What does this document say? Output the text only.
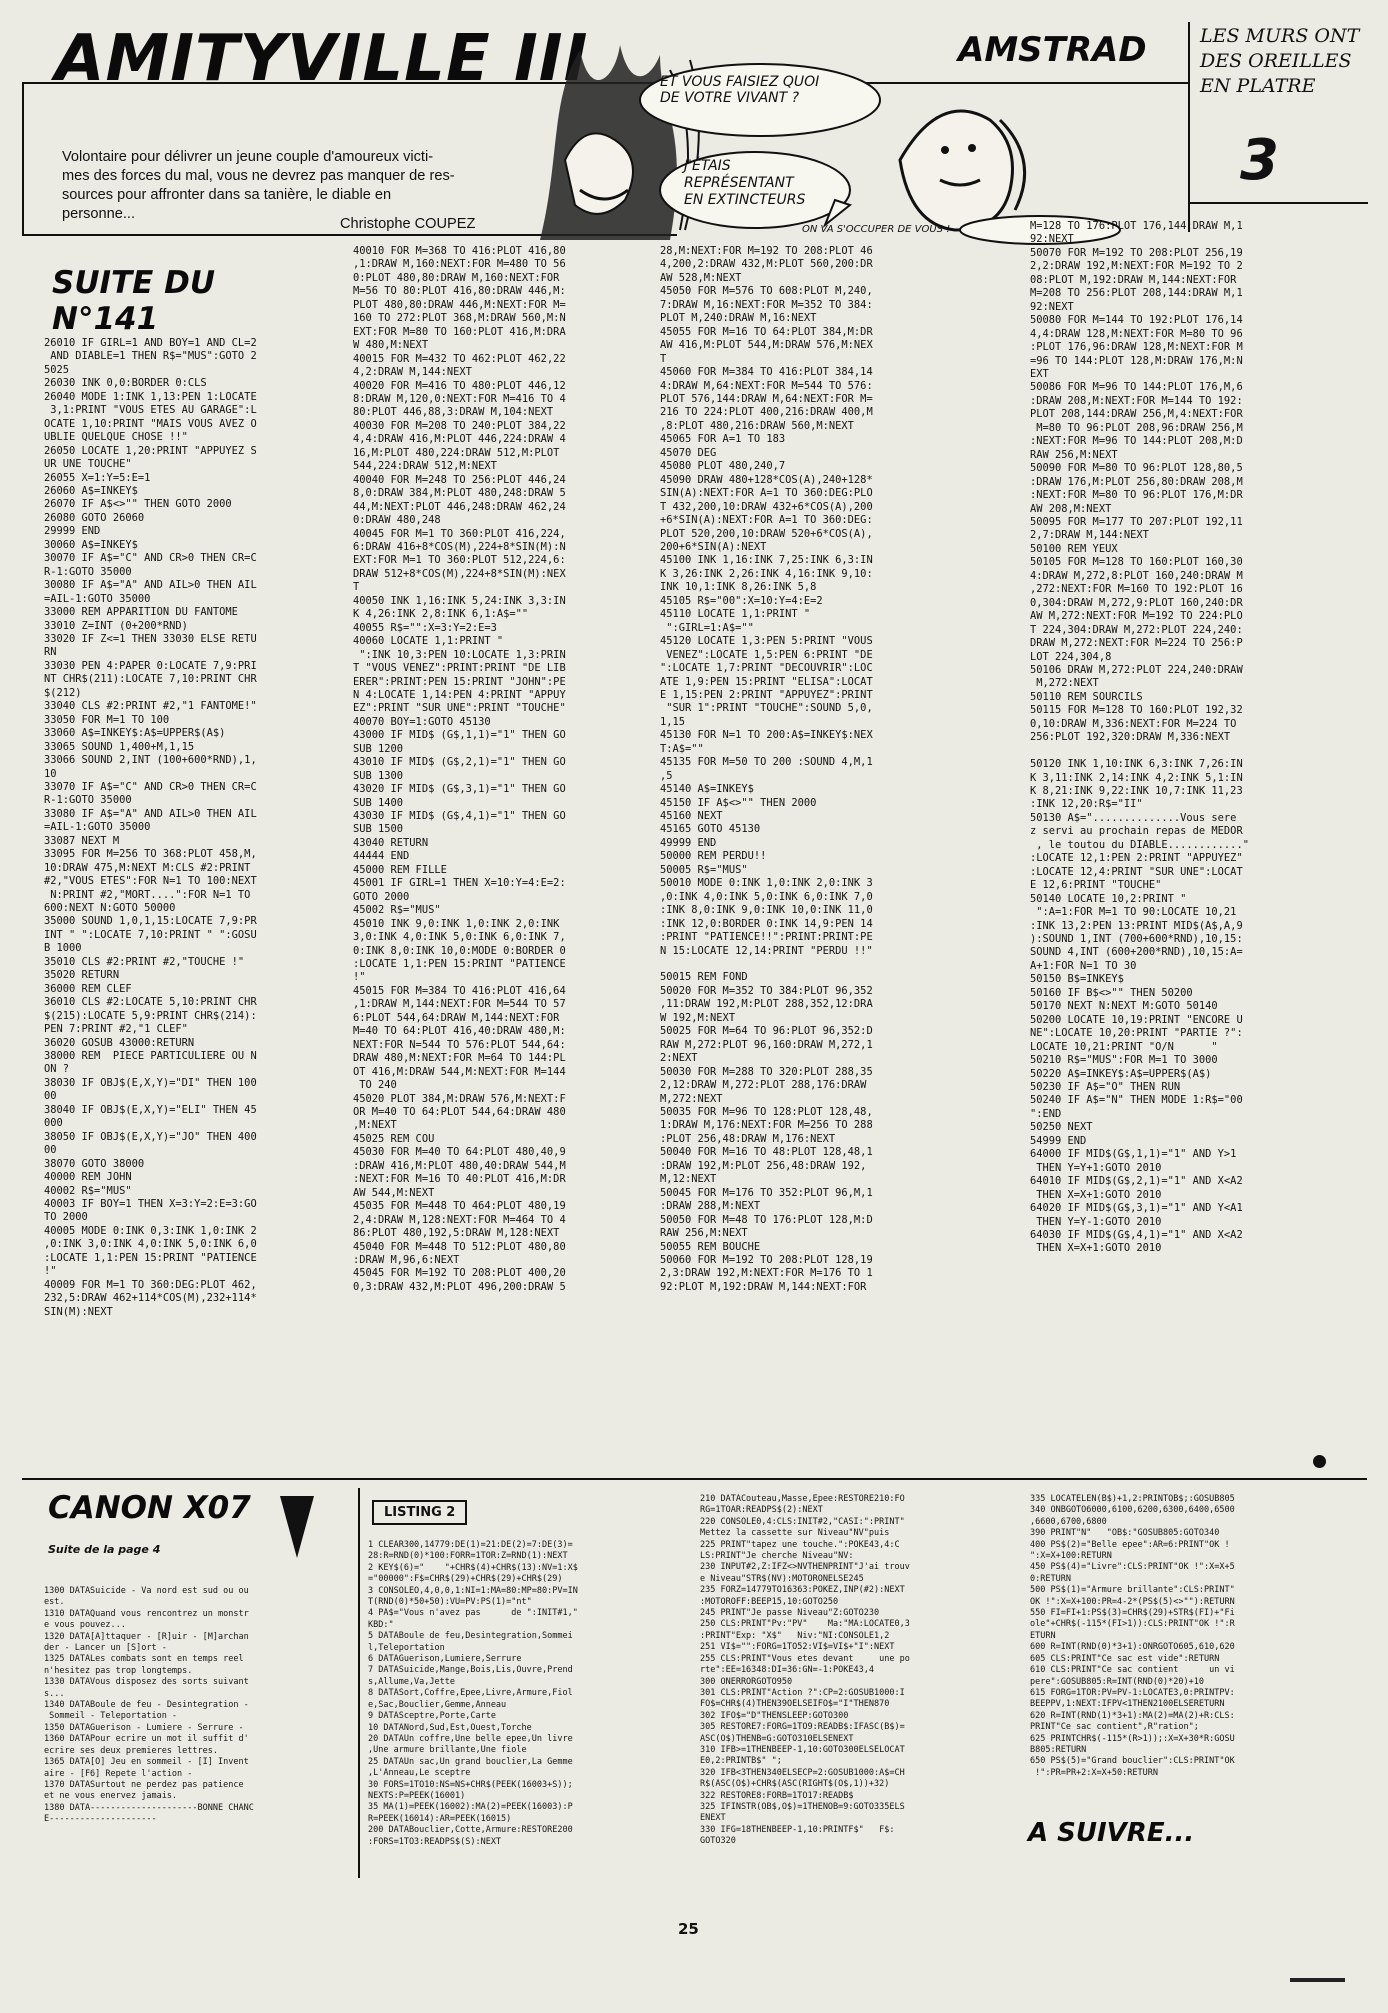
AMITYVILLE III	AMSTRAD
Volontaire pour délivrer un jeune couple d'amoureux victi-
mes des forces du mal, vous ne devrez pas manquer de res-
sources pour affronter dans sa tanière, le diable en
personne...
Christophe COUPEZ
ET VOUS FAISIEZ QUOI
DE VOTRE VIVANT ?
J'ÉTAIS
REPRÉSENTANT
EN EXTINCTEURS
ON VA S'OCCUPER DE VOUS !
LES MURS ONT
DES OREILLES
EN PLATRE
3
SUITE DU
N°141
26010 IF GIRL=1 AND BOY=1 AND CL=2
AND DIABLE=1 THEN R$="MUS":GOTO 2
5025
26030 INK 0,0:BORDER 0:CLS
26040 MODE 1:INK 1,13:PEN 1:LOCATE
3,1:PRINT "VOUS ETES AU GARAGE":L
OCATE 1,10:PRINT "MAIS VOUS AVEZ O
UBLIE QUELQUE CHOSE !!"
26050 LOCATE 1,20:PRINT "APPUYEZ S
UR UNE TOUCHE"
26055 X=1:Y=5:E=1
26060 A$=INKEY$
26070 IF A$<>"" THEN GOTO 2000
26080 GOTO 26060
29999 END
30060 A$=INKEY$
30070 IF A$="C" AND CR>0 THEN CR=C
R-1:GOTO 35000
30080 IF A$="A" AND AIL>0 THEN AIL
=AIL-1:GOTO 35000
33000 REM APPARITION DU FANTOME
33010 Z=INT (0+200*RND)
33020 IF Z<=1 THEN 33030 ELSE RETU
RN
33030 PEN 4:PAPER 0:LOCATE 7,9:PRI
NT CHR$(211):LOCATE 7,10:PRINT CHR
$(212)
33040 CLS #2:PRINT #2,"1 FANTOME!"
33050 FOR M=1 TO 100
33060 A$=INKEY$:A$=UPPER$(A$)
33065 SOUND 1,400+M,1,15
33066 SOUND 2,INT (100+600*RND),1,
10
33070 IF A$="C" AND CR>0 THEN CR=C
R-1:GOTO 35000
33080 IF A$="A" AND AIL>0 THEN AIL
=AIL-1:GOTO 35000
33087 NEXT M
33095 FOR M=256 TO 368:PLOT 458,M,
10:DRAW 475,M:NEXT M:CLS #2:PRINT
#2,"VOUS ETES":FOR N=1 TO 100:NEXT
N:PRINT #2,"MORT....":FOR N=1 TO
600:NEXT N:GOTO 50000
35000 SOUND 1,0,1,15:LOCATE 7,9:PR
INT " ":LOCATE 7,10:PRINT " ":GOSU
B 1000
35010 CLS #2:PRINT #2,"TOUCHE !"
35020 RETURN
36000 REM CLEF
36010 CLS #2:LOCATE 5,10:PRINT CHR
$(215):LOCATE 5,9:PRINT CHR$(214):
PEN 7:PRINT #2,"1 CLEF"
36020 GOSUB 43000:RETURN
38000 REM  PIECE PARTICULIERE OU N
ON ?
38030 IF OBJ$(E,X,Y)="DI" THEN 100
00
38040 IF OBJ$(E,X,Y)="ELI" THEN 45
000
38050 IF OBJ$(E,X,Y)="JO" THEN 400
00
38070 GOTO 38000
40000 REM JOHN
40002 R$="MUS"
40003 IF BOY=1 THEN X=3:Y=2:E=3:GO
TO 2000
40005 MODE 0:INK 0,3:INK 1,0:INK 2
,0:INK 3,0:INK 4,0:INK 5,0:INK 6,0
:LOCATE 1,1:PEN 15:PRINT "PATIENCE
!"
40009 FOR M=1 TO 360:DEG:PLOT 462,
232,5:DRAW 462+114*COS(M),232+114*
SIN(M):NEXT
40010 FOR M=368 TO 416:PLOT 416,80
,1:DRAW M,160:NEXT:FOR M=480 TO 56
0:PLOT 480,80:DRAW M,160:NEXT:FOR
M=56 TO 80:PLOT 416,80:DRAW 446,M:
PLOT 480,80:DRAW 446,M:NEXT:FOR M=
160 TO 272:PLOT 368,M:DRAW 560,M:N
EXT:FOR M=80 TO 160:PLOT 416,M:DRA
W 480,M:NEXT
40015 FOR M=432 TO 462:PLOT 462,22
4,2:DRAW M,144:NEXT
40020 FOR M=416 TO 480:PLOT 446,12
8:DRAW M,120,0:NEXT:FOR M=416 TO 4
80:PLOT 446,88,3:DRAW M,104:NEXT
40030 FOR M=208 TO 240:PLOT 384,22
4,4:DRAW 416,M:PLOT 446,224:DRAW 4
16,M:PLOT 480,224:DRAW 512,M:PLOT
544,224:DRAW 512,M:NEXT
40040 FOR M=248 TO 256:PLOT 446,24
8,0:DRAW 384,M:PLOT 480,248:DRAW 5
44,M:NEXT:PLOT 446,248:DRAW 462,24
0:DRAW 480,248
40045 FOR M=1 TO 360:PLOT 416,224,
6:DRAW 416+8*COS(M),224+8*SIN(M):N
EXT:FOR M=1 TO 360:PLOT 512,224,6:
DRAW 512+8*COS(M),224+8*SIN(M):NEX
T
40050 INK 1,16:INK 5,24:INK 3,3:IN
K 4,26:INK 2,8:INK 6,1:A$=""
40055 R$="":X=3:Y=2:E=3
40060 LOCATE 1,1:PRINT "
":INK 10,3:PEN 10:LOCATE 1,3:PRIN
T "VOUS VENEZ":PRINT:PRINT "DE LIB
ERER":PRINT:PEN 15:PRINT "JOHN":PE
N 4:LOCATE 1,14:PEN 4:PRINT "APPUY
EZ":PRINT "SUR UNE":PRINT "TOUCHE"
40070 BOY=1:GOTO 45130
43000 IF MID$ (G$,1,1)="1" THEN GO
SUB 1200
43010 IF MID$ (G$,2,1)="1" THEN GO
SUB 1300
43020 IF MID$ (G$,3,1)="1" THEN GO
SUB 1400
43030 IF MID$ (G$,4,1)="1" THEN GO
SUB 1500
43040 RETURN
44444 END
45000 REM FILLE
45001 IF GIRL=1 THEN X=10:Y=4:E=2:
GOTO 2000
45002 R$="MUS"
45010 INK 9,0:INK 1,0:INK 2,0:INK
3,0:INK 4,0:INK 5,0:INK 6,0:INK 7,
0:INK 8,0:INK 10,0:MODE 0:BORDER 0
:LOCATE 1,1:PEN 15:PRINT "PATIENCE
!"
45015 FOR M=384 TO 416:PLOT 416,64
,1:DRAW M,144:NEXT:FOR M=544 TO 57
6:PLOT 544,64:DRAW M,144:NEXT:FOR
M=40 TO 64:PLOT 416,40:DRAW 480,M:
NEXT:FOR N=544 TO 576:PLOT 544,64:
DRAW 480,M:NEXT:FOR M=64 TO 144:PL
OT 416,M:DRAW 544,M:NEXT:FOR M=144
TO 240
45020 PLOT 384,M:DRAW 576,M:NEXT:F
OR M=40 TO 64:PLOT 544,64:DRAW 480
,M:NEXT
45025 REM COU
45030 FOR M=40 TO 64:PLOT 480,40,9
:DRAW 416,M:PLOT 480,40:DRAW 544,M
:NEXT:FOR M=16 TO 40:PLOT 416,M:DR
AW 544,M:NEXT
45035 FOR M=448 TO 464:PLOT 480,19
2,4:DRAW M,128:NEXT:FOR M=464 TO 4
86:PLOT 480,192,5:DRAW M,128:NEXT
45040 FOR M=448 TO 512:PLOT 480,80
:DRAW M,96,6:NEXT
45045 FOR M=192 TO 208:PLOT 400,20
0,3:DRAW 432,M:PLOT 496,200:DRAW 5
28,M:NEXT:FOR M=192 TO 208:PLOT 46
4,200,2:DRAW 432,M:PLOT 560,200:DR
AW 528,M:NEXT
45050 FOR M=576 TO 608:PLOT M,240,
7:DRAW M,16:NEXT:FOR M=352 TO 384:
PLOT M,240:DRAW M,16:NEXT
45055 FOR M=16 TO 64:PLOT 384,M:DR
AW 416,M:PLOT 544,M:DRAW 576,M:NEX
T
45060 FOR M=384 TO 416:PLOT 384,14
4:DRAW M,64:NEXT:FOR M=544 TO 576:
PLOT 576,144:DRAW M,64:NEXT:FOR M=
216 TO 224:PLOT 400,216:DRAW 400,M
,8:PLOT 480,216:DRAW 560,M:NEXT
45065 FOR A=1 TO 183
45070 DEG
45080 PLOT 480,240,7
45090 DRAW 480+128*COS(A),240+128*
SIN(A):NEXT:FOR A=1 TO 360:DEG:PLO
T 432,200,10:DRAW 432+6*COS(A),200
+6*SIN(A):NEXT:FOR A=1 TO 360:DEG:
PLOT 520,200,10:DRAW 520+6*COS(A),
200+6*SIN(A):NEXT
45100 INK 1,16:INK 7,25:INK 6,3:IN
K 3,26:INK 2,26:INK 4,16:INK 9,10:
INK 10,1:INK 8,26:INK 5,8
45105 R$="00":X=10:Y=4:E=2
45110 LOCATE 1,1:PRINT "
":GIRL=1:A$=""
45120 LOCATE 1,3:PEN 5:PRINT "VOUS
VENEZ":LOCATE 1,5:PEN 6:PRINT "DE
":LOCATE 1,7:PRINT "DECOUVRIR":LOC
ATE 1,9:PEN 15:PRINT "ELISA":LOCAT
E 1,15:PEN 2:PRINT "APPUYEZ":PRINT
"SUR 1":PRINT "TOUCHE":SOUND 5,0,
1,15
45130 FOR N=1 TO 200:A$=INKEY$:NEX
T:A$=""
45135 FOR M=50 TO 200 :SOUND 4,M,1
,5
45140 A$=INKEY$
45150 IF A$<>"" THEN 2000
45160 NEXT
45165 GOTO 45130
49999 END
50000 REM PERDU!!
50005 R$="MUS"
50010 MODE 0:INK 1,0:INK 2,0:INK 3
,0:INK 4,0:INK 5,0:INK 6,0:INK 7,0
:INK 8,0:INK 9,0:INK 10,0:INK 11,0
:INK 12,0:BORDER 0:INK 14,9:PEN 14
:PRINT "PATIENCE!!":PRINT:PRINT:PE
N 15:LOCATE 12,14:PRINT "PERDU !!"

50015 REM FOND
50020 FOR M=352 TO 384:PLOT 96,352
,11:DRAW 192,M:PLOT 288,352,12:DRA
W 192,M:NEXT
50025 FOR M=64 TO 96:PLOT 96,352:D
RAW M,272:PLOT 96,160:DRAW M,272,1
2:NEXT
50030 FOR M=288 TO 320:PLOT 288,35
2,12:DRAW M,272:PLOT 288,176:DRAW
M,272:NEXT
50035 FOR M=96 TO 128:PLOT 128,48,
1:DRAW M,176:NEXT:FOR M=256 TO 288
:PLOT 256,48:DRAW M,176:NEXT
50040 FOR M=16 TO 48:PLOT 128,48,1
:DRAW 192,M:PLOT 256,48:DRAW 192,
M,12:NEXT
50045 FOR M=176 TO 352:PLOT 96,M,1
:DRAW 288,M:NEXT
50050 FOR M=48 TO 176:PLOT 128,M:D
RAW 256,M:NEXT
50055 REM BOUCHE
50060 FOR M=192 TO 208:PLOT 128,19
2,3:DRAW 192,M:NEXT:FOR M=176 TO 1
92:PLOT M,192:DRAW M,144:NEXT:FOR
M=128 TO 176:PLOT 176,144:DRAW M,1
92:NEXT
50070 FOR M=192 TO 208:PLOT 256,19
2,2:DRAW 192,M:NEXT:FOR M=192 TO 2
08:PLOT M,192:DRAW M,144:NEXT:FOR
M=208 TO 256:PLOT 208,144:DRAW M,1
92:NEXT
50080 FOR M=144 TO 192:PLOT 176,14
4,4:DRAW 128,M:NEXT:FOR M=80 TO 96
:PLOT 176,96:DRAW 128,M:NEXT:FOR M
=96 TO 144:PLOT 128,M:DRAW 176,M:N
EXT
50086 FOR M=96 TO 144:PLOT 176,M,6
:DRAW 208,M:NEXT:FOR M=144 TO 192:
PLOT 208,144:DRAW 256,M,4:NEXT:FOR
M=80 TO 96:PLOT 208,96:DRAW 256,M
:NEXT:FOR M=96 TO 144:PLOT 208,M:D
RAW 256,M:NEXT
50090 FOR M=80 TO 96:PLOT 128,80,5
:DRAW 176,M:PLOT 256,80:DRAW 208,M
:NEXT:FOR M=80 TO 96:PLOT 176,M:DR
AW 208,M:NEXT
50095 FOR M=177 TO 207:PLOT 192,11
2,7:DRAW M,144:NEXT
50100 REM YEUX
50105 FOR M=128 TO 160:PLOT 160,30
4:DRAW M,272,8:PLOT 160,240:DRAW M
,272:NEXT:FOR M=160 TO 192:PLOT 16
0,304:DRAW M,272,9:PLOT 160,240:DR
AW M,272:NEXT:FOR M=192 TO 224:PLO
T 224,304:DRAW M,272:PLOT 224,240:
DRAW M,272:NEXT:FOR M=224 TO 256:P
LOT 224,304,8
50106 DRAW M,272:PLOT 224,240:DRAW
M,272:NEXT
50110 REM SOURCILS
50115 FOR M=128 TO 160:PLOT 192,32
0,10:DRAW M,336:NEXT:FOR M=224 TO
256:PLOT 192,320:DRAW M,336:NEXT

50120 INK 1,10:INK 6,3:INK 7,26:IN
K 3,11:INK 2,14:INK 4,2:INK 5,1:IN
K 8,21:INK 9,22:INK 10,7:INK 11,23
:INK 12,20:R$="II"
50130 A$="..............Vous sere
z servi au prochain repas de MEDOR
, le toutou du DIABLE............"
:LOCATE 12,1:PEN 2:PRINT "APPUYEZ"
:LOCATE 12,4:PRINT "SUR UNE":LOCAT
E 12,6:PRINT "TOUCHE"
50140 LOCATE 10,2:PRINT "
":A=1:FOR M=1 TO 90:LOCATE 10,21
:INK 13,2:PEN 13:PRINT MID$(A$,A,9
):SOUND 1,INT (700+600*RND),10,15:
SOUND 4,INT (600+200*RND),10,15:A=
A+1:FOR N=1 TO 30
50150 B$=INKEY$
50160 IF B$<>"" THEN 50200
50170 NEXT N:NEXT M:GOTO 50140
50200 LOCATE 10,19:PRINT "ENCORE U
NE":LOCATE 10,20:PRINT "PARTIE ?":
LOCATE 10,21:PRINT "O/N      "
50210 R$="MUS":FOR M=1 TO 3000
50220 A$=INKEY$:A$=UPPER$(A$)
50230 IF A$="O" THEN RUN
50240 IF A$="N" THEN MODE 1:R$="00
":END
50250 NEXT
54999 END
64000 IF MID$(G$,1,1)="1" AND Y>1
THEN Y=Y+1:GOTO 2010
64010 IF MID$(G$,2,1)="1" AND X<A2
THEN X=X+1:GOTO 2010
64020 IF MID$(G$,3,1)="1" AND Y<A1
THEN Y=Y-1:GOTO 2010
64030 IF MID$(G$,4,1)="1" AND X<A2
THEN X=X+1:GOTO 2010
CANON X07
Suite de la page 4
1300 DATASuicide - Va nord est sud ou ou
est.
1310 DATAQuand vous rencontrez un monstr
e vous pouvez...
1320 DATA[A]ttaquer - [R]uir - [M]archan
der - Lancer un [S]ort -
1325 DATALes combats sont en temps reel
n'hesitez pas trop longtemps.
1330 DATAVous disposez des sorts suivant
s...
1340 DATABoule de feu - Desintegration -
Sommeil - Teleportation -
1350 DATAGuerison - Lumiere - Serrure -
1360 DATAPour ecrire un mot il suffit d'
ecrire ses deux premieres lettres.
1365 DATA[O] Jeu en sommeil - [I] Invent
aire - [F6] Repete l'action -
1370 DATASurtout ne perdez pas patience
et ne vous enervez jamais.
1380 DATA---------------------BONNE CHANC
E---------------------
LISTING 2
1 CLEAR300,14779:DE(1)=21:DE(2)=7:DE(3)=
28:R=RND(0)*100:FORR=1TOR:Z=RND(1):NEXT
2 KEY$(6)="    "+CHR$(4)+CHR$(13):NV=1:X$
="00000":F$=CHR$(29)+CHR$(29)+CHR$(29)
3 CONSOLEO,4,0,0,1:NI=1:MA=80:MP=80:PV=IN
T(RND(0)*50+50):VU=PV:PS(1)="nt"
4 PA$="Vous n'avez pas      de ":INIT#1,"
KBD:"
5 DATABoule de feu,Desintegration,Sommei
l,Teleportation
6 DATAGuerison,Lumiere,Serrure
7 DATASuicide,Mange,Bois,Lis,Ouvre,Prend
s,Allume,Va,Jette
8 DATASort,Coffre,Epee,Livre,Armure,Fiol
e,Sac,Bouclier,Gemme,Anneau
9 DATASceptre,Porte,Carte
10 DATANord,Sud,Est,Ouest,Torche
20 DATAUn coffre,Une belle epee,Un livre
,Une armure brillante,Une fiole
25 DATAUn sac,Un grand bouclier,La Gemme
,L'Anneau,Le sceptre
30 FORS=1TO10:NS=NS+CHR$(PEEK(16003+S));
NEXTS:P=PEEK(16001)
35 MA(1)=PEEK(16002):MA(2)=PEEK(16003):P
R=PEEK(16014):AR=PEEK(16015)
200 DATABouclier,Cotte,Armure:RESTORE200
:FORS=1TO3:READPS$(S):NEXT
210 DATACouteau,Masse,Epee:RESTORE210:FO
RG=1TOAR:READPS$(2):NEXT
220 CONSOLE0,4:CLS:INIT#2,"CASI:":PRINT"
Mettez la cassette sur Niveau"NV"puis
225 PRINT"tapez une touche.":POKE43,4:C
LS:PRINT"Je cherche Niveau"NV:
230 INPUT#2,Z:IFZ<>NVTHENPRINT"J'ai trouv
e Niveau"STR$(NV):MOTORONELSE245
235 FORZ=14779TO16363:POKEZ,INP(#2):NEXT
:MOTOROFF:BEEP15,10:GOTO250
245 PRINT"Je passe Niveau"Z:GOTO230
250 CLS:PRINT"Pv:"PV"    Ma:"MA:LOCATE0,3
:PRINT"Exp: "X$"   Niv:"NI:CONSOLE1,2
251 VI$="":FORG=1TO52:VI$=VI$+"I":NEXT
255 CLS:PRINT"Vous etes devant     une po
rte":EE=16348:DI=36:GN=-1:POKE43,4
300 ONERRORGOTO950
301 CLS:PRINT"Action ?":CP=2:GOSUB1000:I
FO$=CHR$(4)THEN39OELSEIFO$="I"THEN870
302 IFO$="D"THENSLEEP:GOTO300
305 RESTORE7:FORG=1TO9:READB$:IFASC(B$)=
ASC(O$)THENB=G:GOTO310ELSENEXT
310 IFB>=1THENBEEP-1,10:GOTO300ELSELOCAT
E0,2:PRINTB$" ";
320 IFB<3THEN340ELSECP=2:GOSUB1000:A$=CH
R$(ASC(O$)+CHR$(ASC(RIGHT$(O$,1))+32)
322 RESTORE8:FORB=1TO17:READB$
325 IFINSTR(OB$,O$)=1THENOB=9:GOTO335ELS
ENEXT
330 IFG=18THENBEEP-1,10:PRINTF$"   F$:
GOTO320
335 LOCATELEN(B$)+1,2:PRINTOB$;:GOSUB805
340 ONBGOTO6000,6100,6200,6300,6400,6500
,6600,6700,6800
390 PRINT"N"   "OB$:"GOSUB805:GOTO340
400 PS$(2)="Belle epee":AR=6:PRINT"OK !
":X=X+100:RETURN
450 PS$(4)="Livre":CLS:PRINT"OK !":X=X+5
0:RETURN
500 PS$(1)="Armure brillante":CLS:PRINT"
OK !":X=X+100:PR=4-2*(PS$(5)<>""):RETURN
550 FI=FI+1:PS$(3)=CHR$(29)+STR$(FI)+"Fi
ole"+CHR$(-115*(FI>1)):CLS:PRINT"OK !":R
ETURN
600 R=INT(RND(0)*3+1):ONRGOTO605,610,620
605 CLS:PRINT"Ce sac est vide":RETURN
610 CLS:PRINT"Ce sac contient      un vi
pere":GOSUB805:R=INT(RND(0)*20)+10
615 FORG=1TOR:PV=PV-1:LOCATE3,0:PRINTPV:
BEEPPV,1:NEXT:IFPV<1THEN2100ELSERETURN
620 R=INT(RND(1)*3+1):MA(2)=MA(2)+R:CLS:
PRINT"Ce sac contient",R"ration";
625 PRINTCHR$(-115*(R>1));:X=X+30*R:GOSU
B805:RETURN
650 PS$(5)="Grand bouclier":CLS:PRINT"OK
!":PR=PR+2:X=X+50:RETURN
A SUIVRE...
25
